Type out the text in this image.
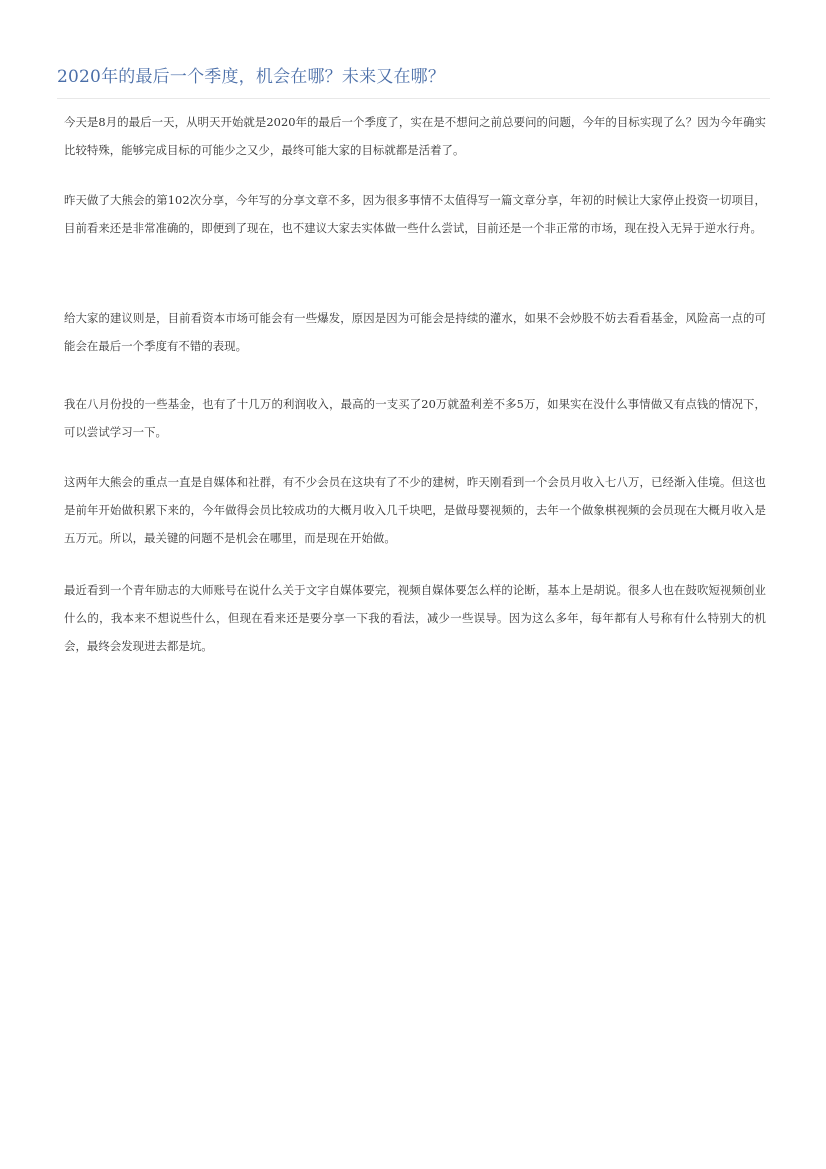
2020年的最后一个季度，机会在哪？未来又在哪？

今天是8月的最后一天，从明天开始就是2020年的最后一个季度了，实在是不想问之前总要问的问题，今年的目标实现了么？因为今年确实比较特殊，能够完成目标的可能少之又少，最终可能大家的目标就都是活着了。

昨天做了大熊会的第102次分享，今年写的分享文章不多，因为很多事情不太值得写一篇文章分享，年初的时候让大家停止投资一切项目，目前看来还是非常准确的，即便到了现在，也不建议大家去实体做一些什么尝试，目前还是一个非正常的市场，现在投入无异于逆水行舟。

给大家的建议则是，目前看资本市场可能会有一些爆发，原因是因为可能会是持续的灌水，如果不会炒股不妨去看看基金，风险高一点的可能会在最后一个季度有不错的表现。

我在八月份投的一些基金，也有了十几万的利润收入，最高的一支买了20万就盈利差不多5万，如果实在没什么事情做又有点钱的情况下，可以尝试学习一下。

这两年大熊会的重点一直是自媒体和社群，有不少会员在这块有了不少的建树，昨天刚看到一个会员月收入七八万，已经渐入佳境。但这也是前年开始做积累下来的，今年做得会员比较成功的大概月收入几千块吧，是做母婴视频的，去年一个做象棋视频的会员现在大概月收入是五万元。所以，最关键的问题不是机会在哪里，而是现在开始做。

最近看到一个青年励志的大师账号在说什么关于文字自媒体要完，视频自媒体要怎么样的论断，基本上是胡说。很多人也在鼓吹短视频创业什么的，我本来不想说些什么，但现在看来还是要分享一下我的看法，减少一些误导。因为这么多年，每年都有人号称有什么特别大的机会，最终会发现进去都是坑。
